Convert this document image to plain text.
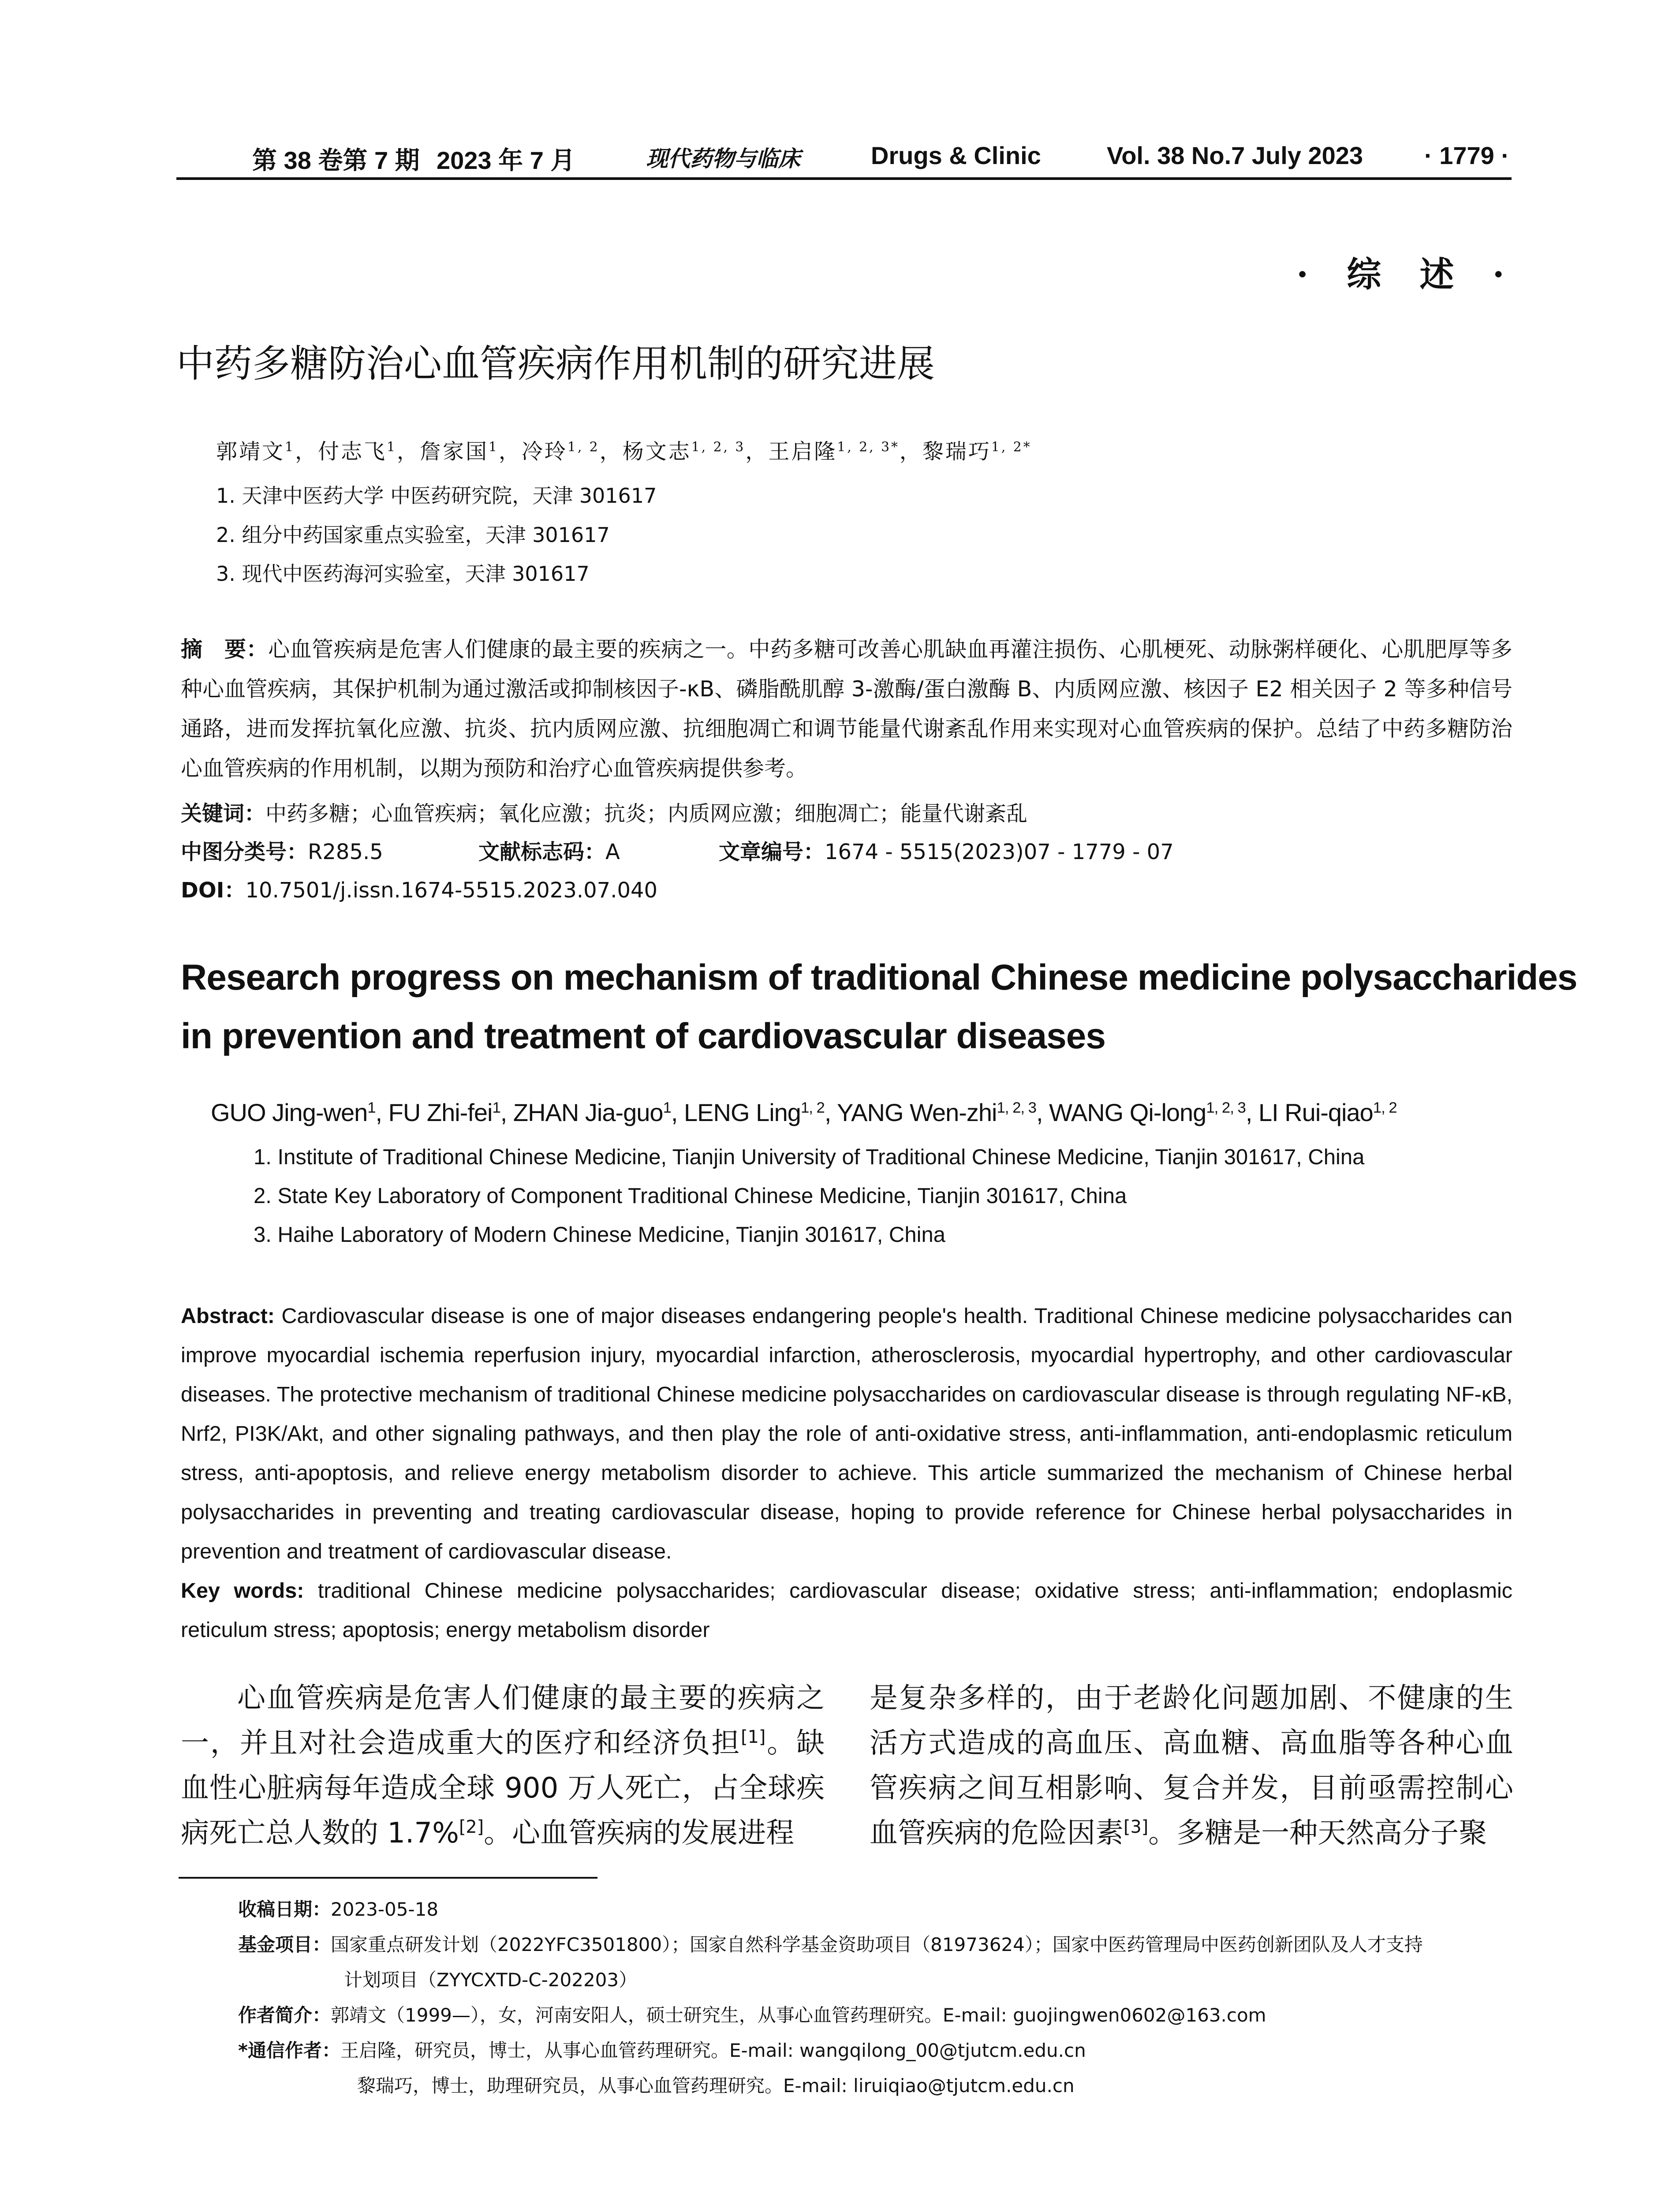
第 38 卷第 7 期 2023 年 7 月	现代药物与临床	Drugs & Clinic	Vol. 38 No.7 July 2023 · 1779 ·
· 综 述 ·
中药多糖防治心血管疾病作用机制的研究进展
郭靖文$^1$，付志飞$^1$，詹家国$^1$，冷玲$^{1, 2}$，杨文志$^{1, 2, 3}$，王启隆$^{1, 2, 3*}$，黎瑞巧$^{1, 2*}$
1. 天津中医药大学 中医药研究院，天津 301617
2. 组分中药国家重点实验室，天津 301617
3. 现代中医药海河实验室，天津 301617
摘　要：心血管疾病是危害人们健康的最主要的疾病之一。中药多糖可改善心肌缺血再灌注损伤、心肌梗死、动脉粥样硬化、心肌肥厚等多种心血管疾病，其保护机制为通过激活或抑制核因子-κB、磷脂酰肌醇 3-激酶/蛋白激酶 B、内质网应激、核因子 E2 相关因子 2 等多种信号通路，进而发挥抗氧化应激、抗炎、抗内质网应激、抗细胞凋亡和调节能量代谢紊乱作用来实现对心血管疾病的保护。总结了中药多糖防治心血管疾病的作用机制，以期为预防和治疗心血管疾病提供参考。
关键词：中药多糖；心血管疾病；氧化应激；抗炎；内质网应激；细胞凋亡；能量代谢紊乱
中图分类号：R285.5	文献标志码：A	文章编号：1674 - 5515(2023)07 - 1779 - 07
DOI：10.7501/j.issn.1674-5515.2023.07.040
Research progress on mechanism of traditional Chinese medicine polysaccharides
in prevention and treatment of cardiovascular diseases
GUO Jing-wen$^1$, FU Zhi-fei$^1$, ZHAN Jia-guo$^1$, LENG Ling$^{1, 2}$, YANG Wen-zhi$^{1, 2, 3}$, WANG Qi-long$^{1, 2, 3}$, LI Rui-qiao$^{1, 2}$
1. Institute of Traditional Chinese Medicine, Tianjin University of Traditional Chinese Medicine, Tianjin 301617, China
2. State Key Laboratory of Component Traditional Chinese Medicine, Tianjin 301617, China
3. Haihe Laboratory of Modern Chinese Medicine, Tianjin 301617, China
Abstract: Cardiovascular disease is one of major diseases endangering people's health. Traditional Chinese medicine polysaccharides can improve myocardial ischemia reperfusion injury, myocardial infarction, atherosclerosis, myocardial hypertrophy, and other cardiovascular diseases. The protective mechanism of traditional Chinese medicine polysaccharides on cardiovascular disease is through regulating NF-κB, Nrf2, PI3K/Akt, and other signaling pathways, and then play the role of anti-oxidative stress, anti-inflammation, anti-endoplasmic reticulum stress, anti-apoptosis, and relieve energy metabolism disorder to achieve. This article summarized the mechanism of Chinese herbal polysaccharides in preventing and treating cardiovascular disease, hoping to provide reference for Chinese herbal polysaccharides in prevention and treatment of cardiovascular disease.
Key words: traditional Chinese medicine polysaccharides; cardiovascular disease; oxidative stress; anti-inflammation; endoplasmic reticulum stress; apoptosis; energy metabolism disorder
心血管疾病是危害人们健康的最主要的疾病之一，并且对社会造成重大的医疗和经济负担[1]。缺血性心脏病每年造成全球 900 万人死亡，占全球疾病死亡总人数的 1.7%[2]。心血管疾病的发展进程
是复杂多样的，由于老龄化问题加剧、不健康的生活方式造成的高血压、高血糖、高血脂等各种心血管疾病之间互相影响、复合并发，目前亟需控制心血管疾病的危险因素[3]。多糖是一种天然高分子聚
收稿日期：2023-05-18
基金项目：国家重点研发计划（2022YFC3501800）；国家自然科学基金资助项目（81973624）；国家中医药管理局中医药创新团队及人才支持
计划项目（ZYYCXTD-C-202203）
作者简介：郭靖文（1999—），女，河南安阳人，硕士研究生，从事心血管药理研究。E-mail: guojingwen0602@163.com
*通信作者：王启隆，研究员，博士，从事心血管药理研究。E-mail: wangqilong_00@tjutcm.edu.cn
黎瑞巧，博士，助理研究员，从事心血管药理研究。E-mail: liruiqiao@tjutcm.edu.cn
